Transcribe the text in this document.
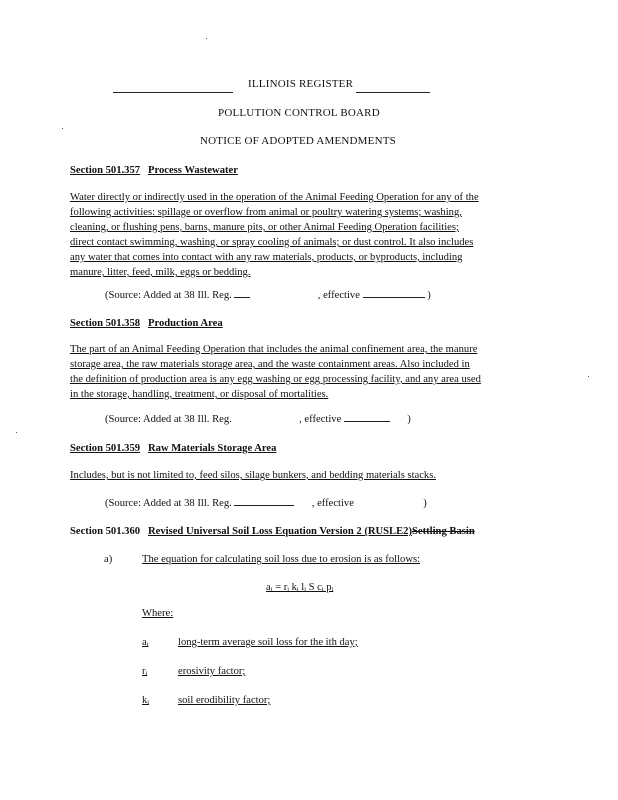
ILLINOIS REGISTER
POLLUTION CONTROL BOARD
NOTICE OF ADOPTED AMENDMENTS
Section 501.357 Process Wastewater
Water directly or indirectly used in the operation of the Animal Feeding Operation for any of the
following activities: spillage or overflow from animal or poultry watering systems; washing,
cleaning, or flushing pens, barns, manure pits, or other Animal Feeding Operation facilities;
direct contact swimming, washing, or spray cooling of animals; or dust control. It also includes
any water that comes into contact with any raw materials, products, or byproducts, including
manure, litter, feed, milk, eggs or bedding.
(Source: Added at 38 Ill. Reg.	, effective	)
Section 501.358 Production Area
The part of an Animal Feeding Operation that includes the animal confinement area, the manure
storage area, the raw materials storage area, and the waste containment areas. Also included in
the definition of production area is any egg washing or egg processing facility, and any area used
in the storage, handling, treatment, or disposal of mortalities.
(Source: Added at 38 Ill. Reg.	, effective	)
Section 501.359 Raw Materials Storage Area
Includes, but is not limited to, feed silos, silage bunkers, and bedding materials stacks.
(Source: Added at 38 Ill. Reg.	, effective	)
Section 501.360 Revised Universal Soil Loss Equation Version 2 (RUSLE2)Settling Basin
a)	The equation for calculating soil loss due to erosion is as follows:
aᵢ = rᵢ kᵢ lᵢ S cᵢ pᵢ
Where:
aᵢ	long-term average soil loss for the ith day;
rᵢ	erosivity factor;
kᵢ	soil erodibility factor;
